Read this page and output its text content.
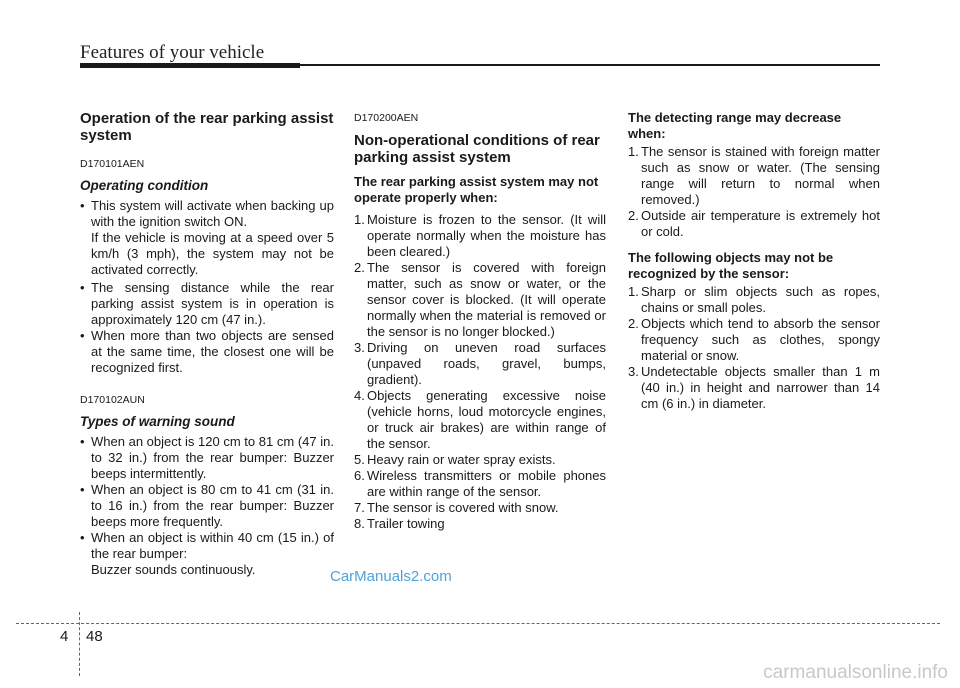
Features of your vehicle
Operation of the rear parking assist system
D170101AEN
Operating condition
• This system will activate when backing up with the ignition switch ON.
If the vehicle is moving at a speed over 5 km/h (3 mph), the system may not be activated correctly.
• The sensing distance while the rear parking assist system is in operation is approximately 120 cm (47 in.).
• When more than two objects are sensed at the same time, the closest one will be recognized first.
D170102AUN
Types of warning sound
• When an object is 120 cm to 81 cm (47 in. to 32 in.) from the rear bumper: Buzzer beeps intermittently.
• When an object is 80 cm to 41 cm (31 in. to 16 in.) from the rear bumper: Buzzer beeps more frequently.
• When an object is within 40 cm (15 in.) of the rear bumper:
Buzzer sounds continuously.
D170200AEN
Non-operational conditions of rear parking assist system
The rear parking assist system may not operate properly when:
1. Moisture is frozen to the sensor. (It will operate normally when the moisture has been cleared.)
2. The sensor is covered with foreign matter, such as snow or water, or the sensor cover is blocked. (It will operate normally when the material is removed or the sensor is no longer blocked.)
3. Driving on uneven road surfaces (unpaved roads, gravel, bumps, gradient).
4. Objects generating excessive noise (vehicle horns, loud motorcycle engines, or truck air brakes) are within range of the sensor.
5. Heavy rain or water spray exists.
6. Wireless transmitters or mobile phones are within range of the sensor.
7. The sensor is covered with snow.
8. Trailer towing
The detecting range may decrease when:
1. The sensor is stained with foreign matter such as snow or water. (The sensing range will return to normal when removed.)
2. Outside air temperature is extremely hot or cold.
The following objects may not be recognized by the sensor:
1. Sharp or slim objects such as ropes, chains or small poles.
2. Objects which tend to absorb the sensor frequency such as clothes, spongy material or snow.
3. Undetectable objects smaller than 1 m (40 in.) in height and narrower than 14 cm (6 in.) in diameter.
CarManuals2.com
4 48
carmanualsonline.info
